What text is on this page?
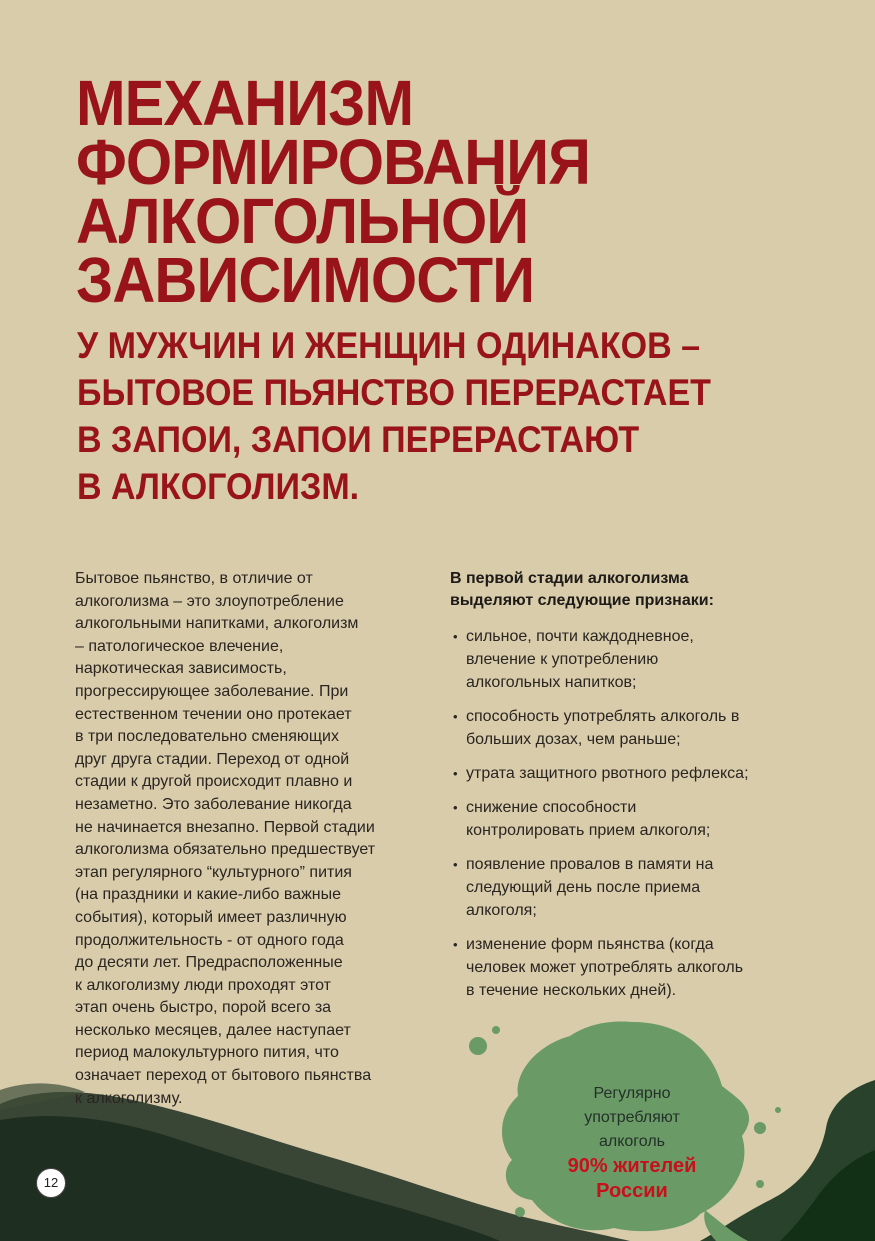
МЕХАНИЗМ
ФОРМИРОВАНИЯ
АЛКОГОЛЬНОЙ
ЗАВИСИМОСТИ
У МУЖЧИН И ЖЕНЩИН ОДИНАКОВ –
БЫТОВОЕ ПЬЯНСТВО ПЕРЕРАСТАЕТ
В ЗАПОИ, ЗАПОИ ПЕРЕРАСТАЮТ
В АЛКОГОЛИЗМ.
Бытовое пьянство, в отличие от
алкоголизма – это злоупотребление
алкогольными напитками, алкоголизм
– патологическое влечение,
наркотическая зависимость,
прогрессирующее заболевание. При
естественном течении оно протекает
в три последовательно сменяющих
друг друга стадии. Переход от одной
стадии к другой происходит плавно и
незаметно. Это заболевание никогда
не начинается внезапно. Первой стадии
алкоголизма обязательно предшествует
этап регулярного “культурного” пития
(на праздники и какие-либо важные
события), который имеет различную
продолжительность - от одного года
до десяти лет. Предрасположенные
к алкоголизму люди проходят этот
этап очень быстро, порой всего за
несколько месяцев, далее наступает
период малокультурного пития, что
означает переход от бытового пьянства
к алкоголизму.

В первой стадии алкоголизма
выделяют следующие признаки:

• сильное, почти каждодневное,
влечение к употреблению
алкогольных напитков;
• способность употреблять алкоголь в
больших дозах, чем раньше;
• утрата защитного рвотного рефлекса;
• снижение способности
контролировать прием алкоголя;
• появление провалов в памяти на
следующий день после приема
алкоголя;
• изменение форм пьянства (когда
человек может употреблять алкоголь
в течение нескольких дней).
Регулярно
употребляют
алкоголь
90% жителей
России
12
